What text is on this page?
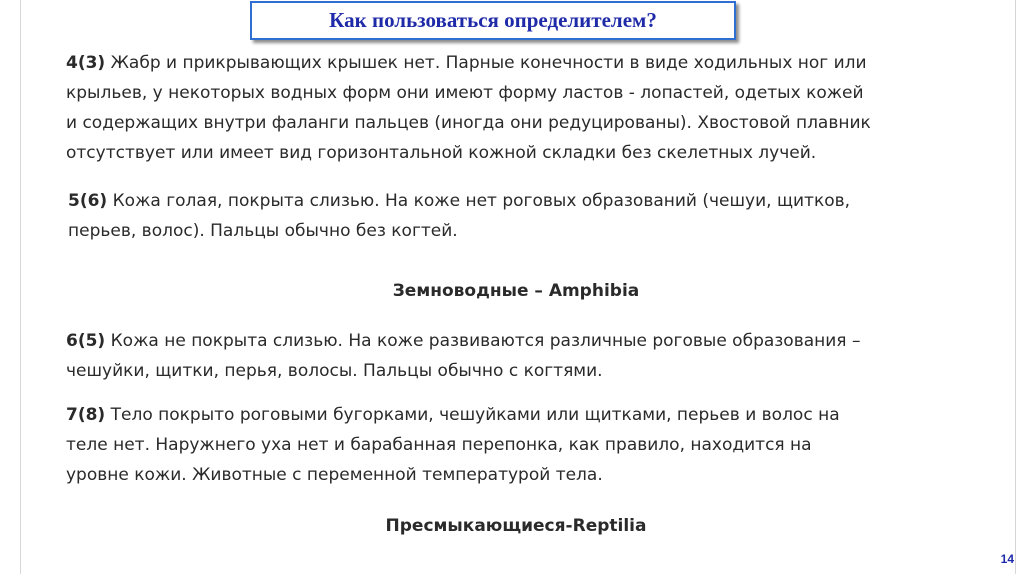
Как пользоваться определителем?

4(3) Жабр и прикрывающих крышек нет. Парные конечности в виде ходильных ног или
крыльев, у некоторых водных форм они имеют форму ластов - лопастей, одетых кожей
и содержащих внутри фаланги пальцев (иногда они редуцированы). Хвостовой плавник
отсутствует или имеет вид горизонтальной кожной складки без скелетных лучей.

5(6) Кожа голая, покрыта слизью. На коже нет роговых образований (чешуи, щитков,
перьев, волос). Пальцы обычно без когтей.

Земноводные – Amphibia

6(5) Кожа не покрыта слизью. На коже развиваются различные роговые образования –
чешуйки, щитки, перья, волосы. Пальцы обычно с когтями.

7(8) Тело покрыто роговыми бугорками, чешуйками или щитками, перьев и волос на
теле нет. Наружнего уха нет и барабанная перепонка, как правило, находится на
уровне кожи. Животные с переменной температурой тела.

Пресмыкающиеся-Reptilia

14
